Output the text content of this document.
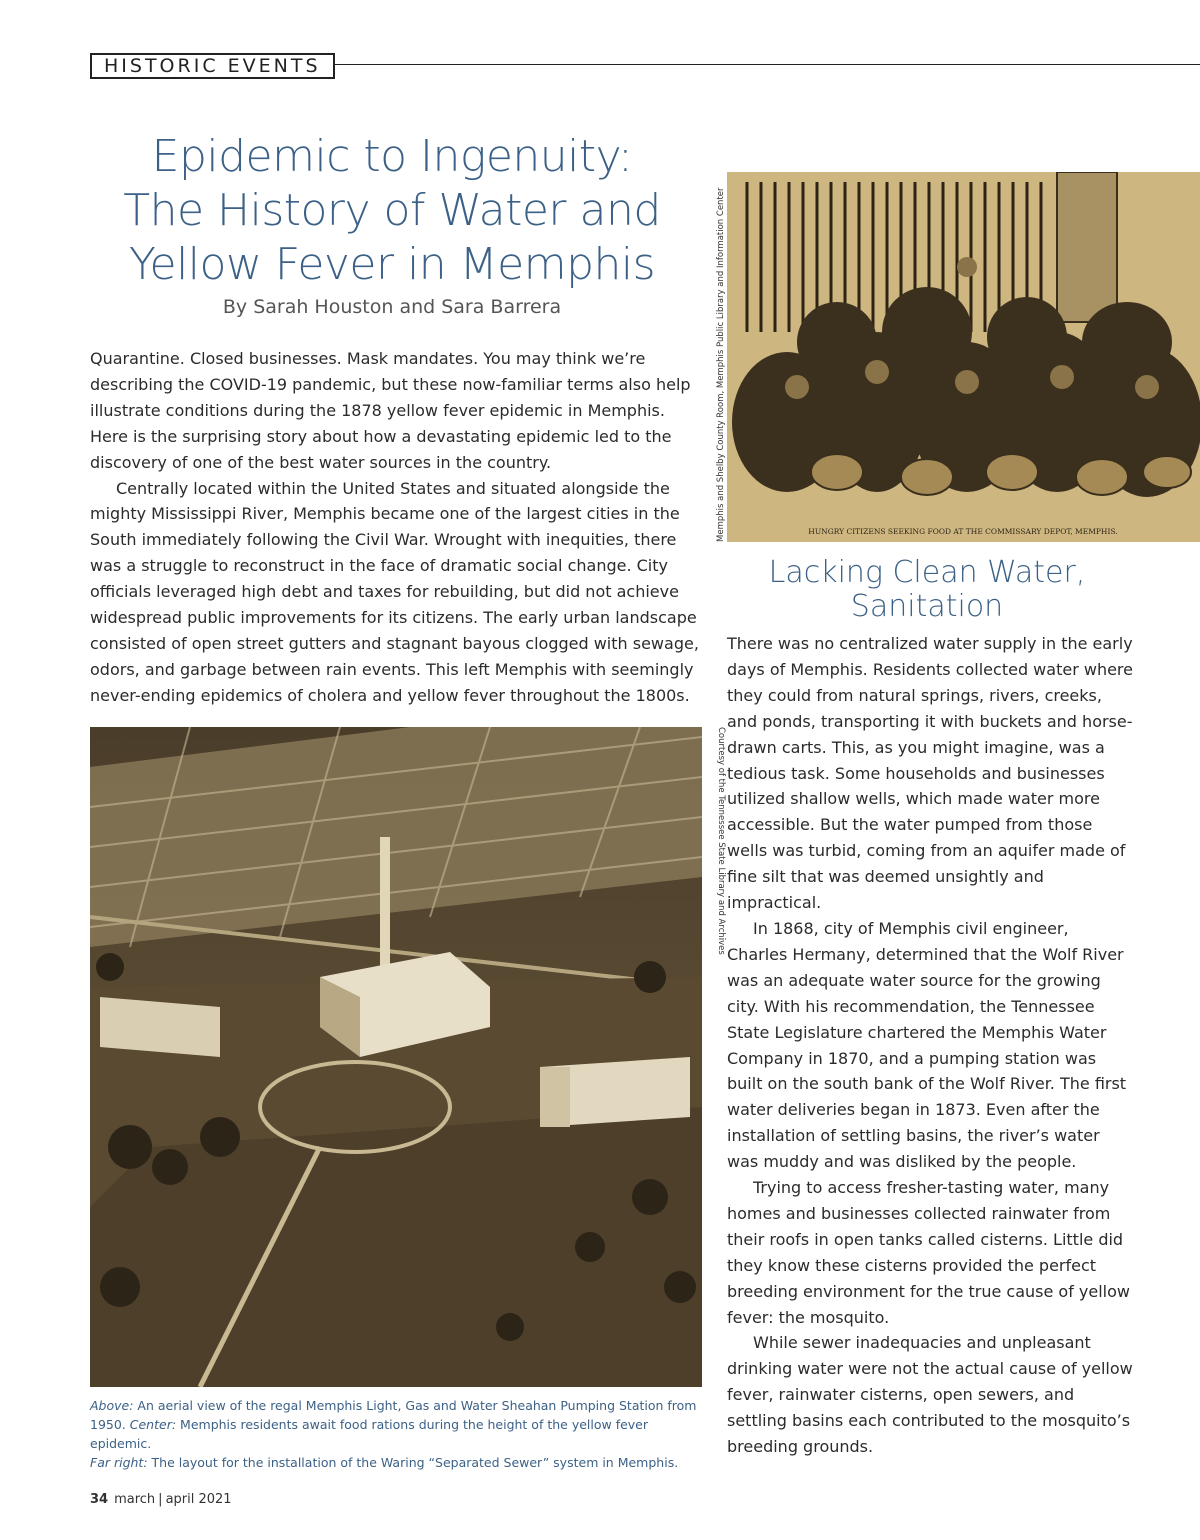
HISTORIC EVENTS
Epidemic to Ingenuity:
The History of Water and
Yellow Fever in Memphis

By Sarah Houston and Sara Barrera

Quarantine. Closed businesses. Mask mandates. You may think we’re describing the COVID-19 pandemic, but these now-familiar terms also help illustrate conditions during the 1878 yellow fever epidemic in Memphis. Here is the surprising story about how a devastating epidemic led to the discovery of one of the best water sources in the country.

Centrally located within the United States and situated alongside the mighty Mississippi River, Memphis became one of the largest cities in the South immediately following the Civil War. Wrought with inequities, there was a struggle to reconstruct in the face of dramatic social change. City officials leveraged high debt and taxes for rebuilding, but did not achieve widespread public improvements for its citizens. The early urban landscape consisted of open street gutters and stagnant bayous clogged with sewage, odors, and garbage between rain events. This left Memphis with seemingly never-ending epidemics of cholera and yellow fever throughout the 1800s.

HUNGRY CITIZENS SEEKING FOOD AT THE COMMISSARY DEPOT, MEMPHIS.
Memphis and Shelby County Room, Memphis Public Library and Information Center
Lacking Clean Water,
Sanitation

There was no centralized water supply in the early days of Memphis. Residents collected water where they could from natural springs, rivers, creeks, and ponds, transporting it with buckets and horse-drawn carts. This, as you might imagine, was a tedious task. Some households and businesses utilized shallow wells, which made water more accessible. But the water pumped from those wells was turbid, coming from an aquifer made of fine silt that was deemed unsightly and impractical.

In 1868, city of Memphis civil engineer, Charles Hermany, determined that the Wolf River was an adequate water source for the growing city. With his recommendation, the Tennessee State Legislature chartered the Memphis Water Company in 1870, and a pumping station was built on the south bank of the Wolf River. The first water deliveries began in 1873. Even after the installation of settling basins, the river’s water was muddy and was disliked by the people.

Trying to access fresher-tasting water, many homes and businesses collected rainwater from their roofs in open tanks called cisterns. Little did they know these cisterns provided the perfect breeding environment for the true cause of yellow fever: the mosquito.

While sewer inadequacies and unpleasant drinking water were not the actual cause of yellow fever, rainwater cisterns, open sewers, and settling basins each contributed to the mosquito’s breeding grounds.

Courtesy of the Tennessee State Library and Archives

Above: An aerial view of the regal Memphis Light, Gas and Water Sheahan Pumping Station from 1950. Center: Memphis residents await food rations during the height of the yellow fever epidemic.
Far right: The layout for the installation of the Waring “Separated Sewer” system in Memphis.

34 march | april 2021
